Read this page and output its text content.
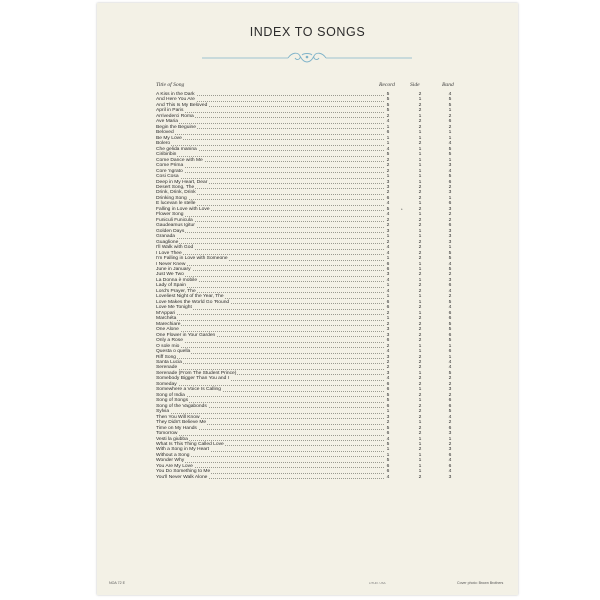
INDEX TO SONGS
Title of Song	Record	Side	Band
A Kiss in the Dark	5	2	4
And Here You Are	5	1	5
And This Is My Beloved	5	2	5
April in Paris	5	2	1
Arrivederci Roma	2	1	2
Ave Maria	4	2	6
Begin the Beguine	1	2	2
Beloved	6	1	1
Be My Love	1	1	1
Bolero	1	2	4
Che gelida manina	4	1	5
Ciribiribin	5	1	5
Come Dance with Me	2	1	1
Come Prima	2	1	3
Core 'ngrato	2	1	4
Cosi Cosa	1	1	5
Deep in My Heart, Dear	3	1	6
Desert Song, The	3	2	2
Drink, Drink, Drink	2	2	3
Drinking Song	6	2	1
E lucevan le stelle	4	1	6
Falling in Love with Love	5	2	3
*
Flower Song	4	1	2
Funiculi Funicula	2	2	2
Gaudeamus Igitur	2	2	6
Golden Days	3	1	3
Granada	1	1	3
Guaglione	2	2	3
I'll Walk with God	4	2	1
I Love Thee	4	2	5
I'm Falling in Love with Someone	1	2	5
I Never Knew	6	1	4
June in January	6	1	5
Just We Two	3	2	2
La Donna è mobile	4	1	3
Lady of Spain	1	2	6
Lord's Prayer, The	4	2	4
Loveliest Night of the Year, The	1	1	2
Love Makes the World Go 'Round	6	1	5
Love Me Tonight	6	2	4
M'Appari	2	1	6
Marchéta	1	2	6
Marechiare	2	2	5
One Alone	3	2	5
One Flower in Your Garden	3	2	6
Only a Rose	6	2	5
O sole mio	2	1	1
Questa o quella	4	1	6
Riff Song	3	2	1
Santa Lucia	2	2	4
Serenade	2	2	4
Serenade (From The Student Prince)	3	1	5
Somebody Bigger Than You and I	4	2	2
Someday	6	2	2
Somewhere a Voice Is Calling	6	1	3
Song of India	5	2	2
Song of Songs	5	1	6
Song of the Vagabonds	6	2	6
Sylvia	1	2	5
Then You Will Know	3	2	4
They Didn't Believe Me	2	1	2
Time on My Hands	5	2	6
Tomorrow	6	2	3
Vesti la giubba	4	1	1
What Is This Thing Called Love	5	1	2
With a Song in My Heart	1	2	3
Without a Song	1	1	6
Wonder Why	5	1	4
You Are My Love	6	1	6
You Do Something to Me	6	1	4
You'll Never Walk Alone	4	2	3
NOA 72 E	LITHO. USA	Cover photo: Brown Brothers
